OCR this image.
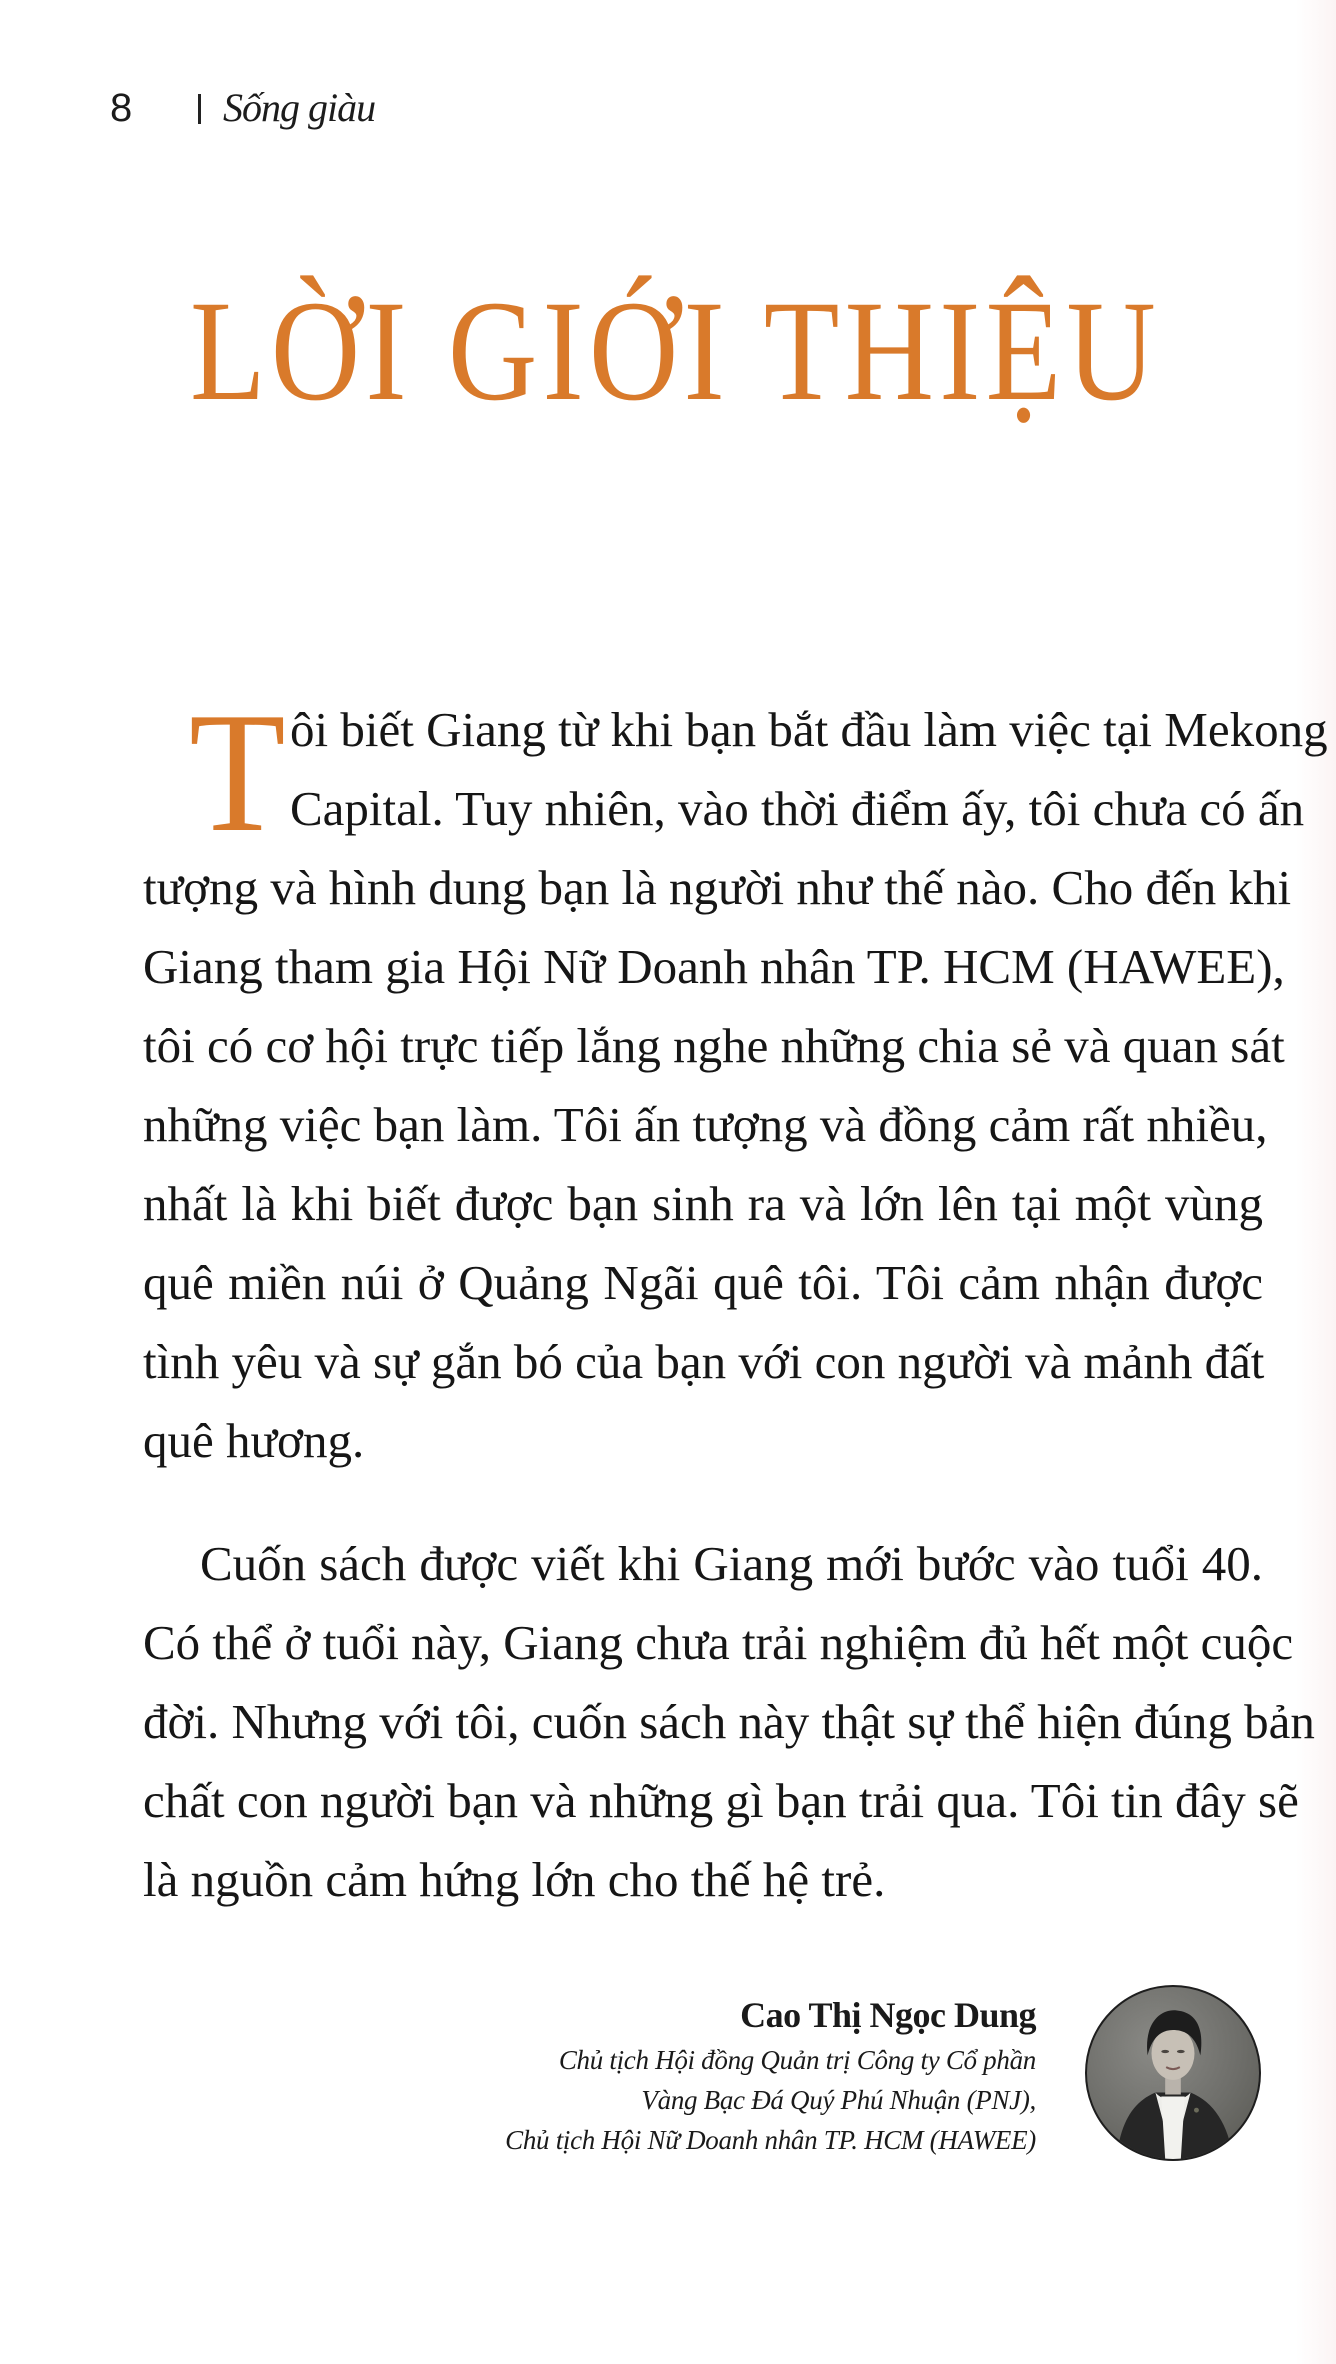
8	Sống giàu
LỜI GIỚI THIỆU
T ôi biết Giang từ khi bạn bắt đầu làm việc tại Mekong
Capital. Tuy nhiên, vào thời điểm ấy, tôi chưa có ấn
tượng và hình dung bạn là người như thế nào. Cho đến khi
Giang tham gia Hội Nữ Doanh nhân TP. HCM (HAWEE),
tôi có cơ hội trực tiếp lắng nghe những chia sẻ và quan sát
những việc bạn làm. Tôi ấn tượng và đồng cảm rất nhiều,
nhất là khi biết được bạn sinh ra và lớn lên tại một vùng
quê miền núi ở Quảng Ngãi quê tôi. Tôi cảm nhận được
tình yêu và sự gắn bó của bạn với con người và mảnh đất
quê hương.
Cuốn sách được viết khi Giang mới bước vào tuổi 40.
Có thể ở tuổi này, Giang chưa trải nghiệm đủ hết một cuộc
đời. Nhưng với tôi, cuốn sách này thật sự thể hiện đúng bản
chất con người bạn và những gì bạn trải qua. Tôi tin đây sẽ
là nguồn cảm hứng lớn cho thế hệ trẻ.
Cao Thị Ngọc Dung
Chủ tịch Hội đồng Quản trị Công ty Cổ phần
Vàng Bạc Đá Quý Phú Nhuận (PNJ),
Chủ tịch Hội Nữ Doanh nhân TP. HCM (HAWEE)
